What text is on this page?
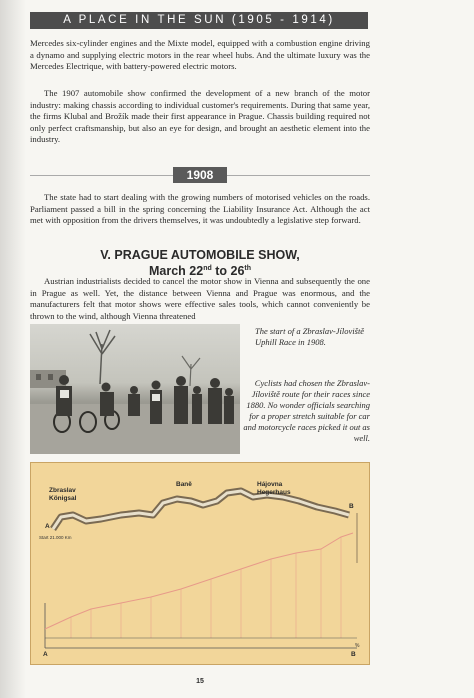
A PLACE IN THE SUN (1905 - 1914)

Mercedes six-cylinder engines and the Mixte model, equipped with a combustion engine driving a dynamo and supplying electric motors in the rear wheel hubs. And the ultimate luxury was the Mercedes Electrique, with battery-powered electric motors.

The 1907 automobile show confirmed the development of a new branch of the motor industry: making chassis according to individual customer's requirements. During that same year, the firms Klubal and Brožík made their first appearance in Prague. Chassis building required not only perfect craftsmanship, but also an eye for design, and brought an aesthetic element into the industry.

1908

The state had to start dealing with the growing numbers of motorised vehicles on the roads. Parliament passed a bill in the spring concerning the Liability Insurance Act. Although the act met with opposition from the drivers themselves, it was undoubtedly a legislative step forward.

V. PRAGUE AUTOMOBILE SHOW,
March 22nd to 26th

Austrian industrialists decided to cancel the motor show in Vienna and subsequently the one in Prague as well. Yet, the distance between Vienna and Prague was enormous, and the manufacturers felt that motor shows were effective sales tools, which cannot conveniently be thrown to the wind, although Vienna threatened

The start of a Zbraslav-Jíloviště Uphill Race in 1908.

Cyclists had chosen the Zbraslav-Jíloviště route for their races since 1880. No wonder officials searching for a proper stretch suitable for car and motorcycle races picked it out as well.

Zbraslav
Königsal
Baně	Hájovna
Hegerhaus
A
B
Start 21.000 Km
A	B
%
15
